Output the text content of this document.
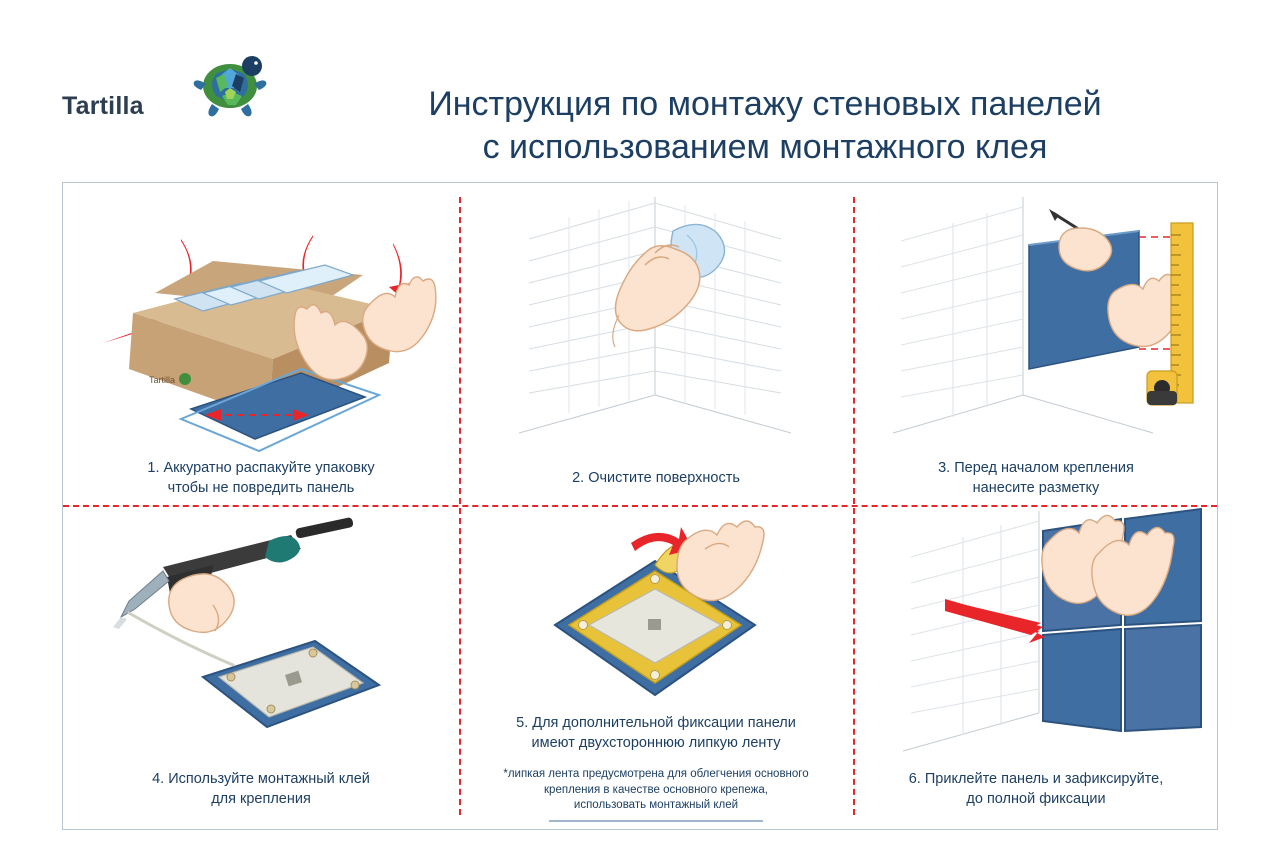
Tartilla	Инструкция по монтажу стеновых панелей
с использованием монтажного клея
Tartilla
1. Аккуратно распакуйте упаковку
чтобы не повредить панель
2. Очистите поверхность
3. Перед началом крепления
нанесите разметку
4. Используйте монтажный клей
для крепления
5. Для дополнительной фиксации панели
имеют двухстороннюю липкую ленту
*липкая лента предусмотрена для облегчения основного
крепления в качестве основного крепежа,
использовать монтажный клей
6. Приклейте панель и зафиксируйте,
до полной фиксации
